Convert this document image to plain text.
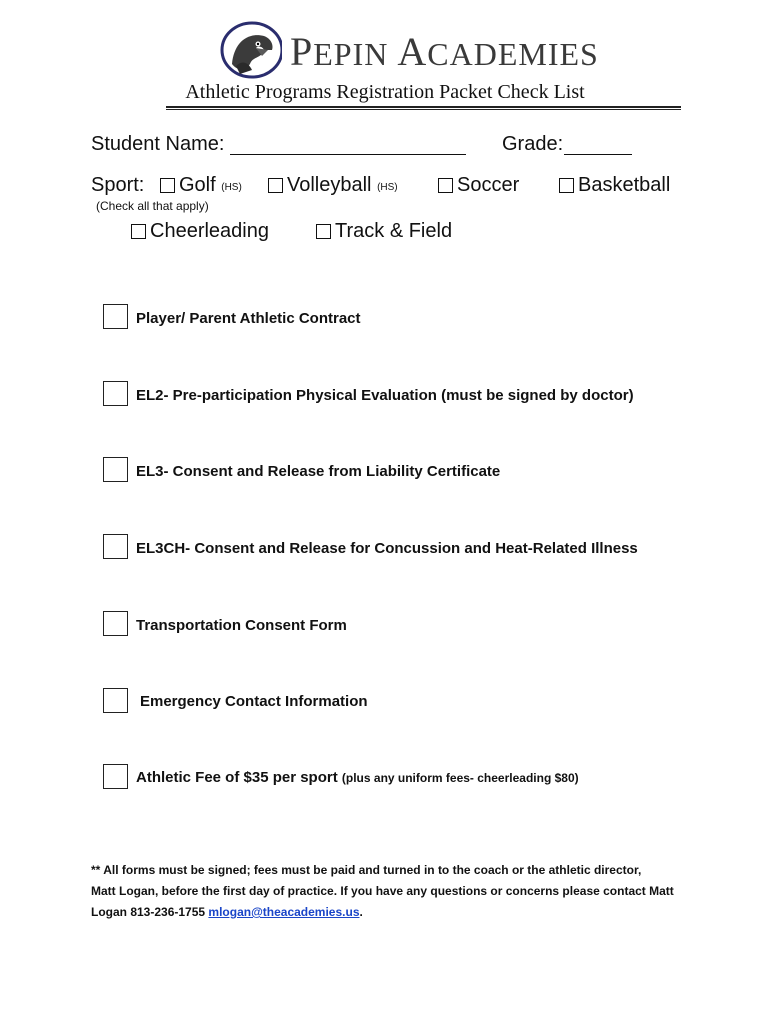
PEPIN ACADEMIES
Athletic Programs Registration Packet Check List
Student Name:	Grade:
Sport:	Golf (HS)	Volleyball (HS)	Soccer	Basketball
(Check all that apply)
Cheerleading	Track & Field
Player/ Parent Athletic Contract
EL2- Pre-participation Physical Evaluation (must be signed by doctor)
EL3- Consent and Release from Liability Certificate
EL3CH- Consent and Release for Concussion and Heat-Related Illness
Transportation Consent Form
Emergency Contact Information
Athletic Fee of $35 per sport (plus any uniform fees- cheerleading $80)
** All forms must be signed; fees must be paid and turned in to the coach or the athletic director,
Matt Logan, before the first day of practice. If you have any questions or concerns please contact Matt
Logan 813-236-1755 mlogan@theacademies.us.
